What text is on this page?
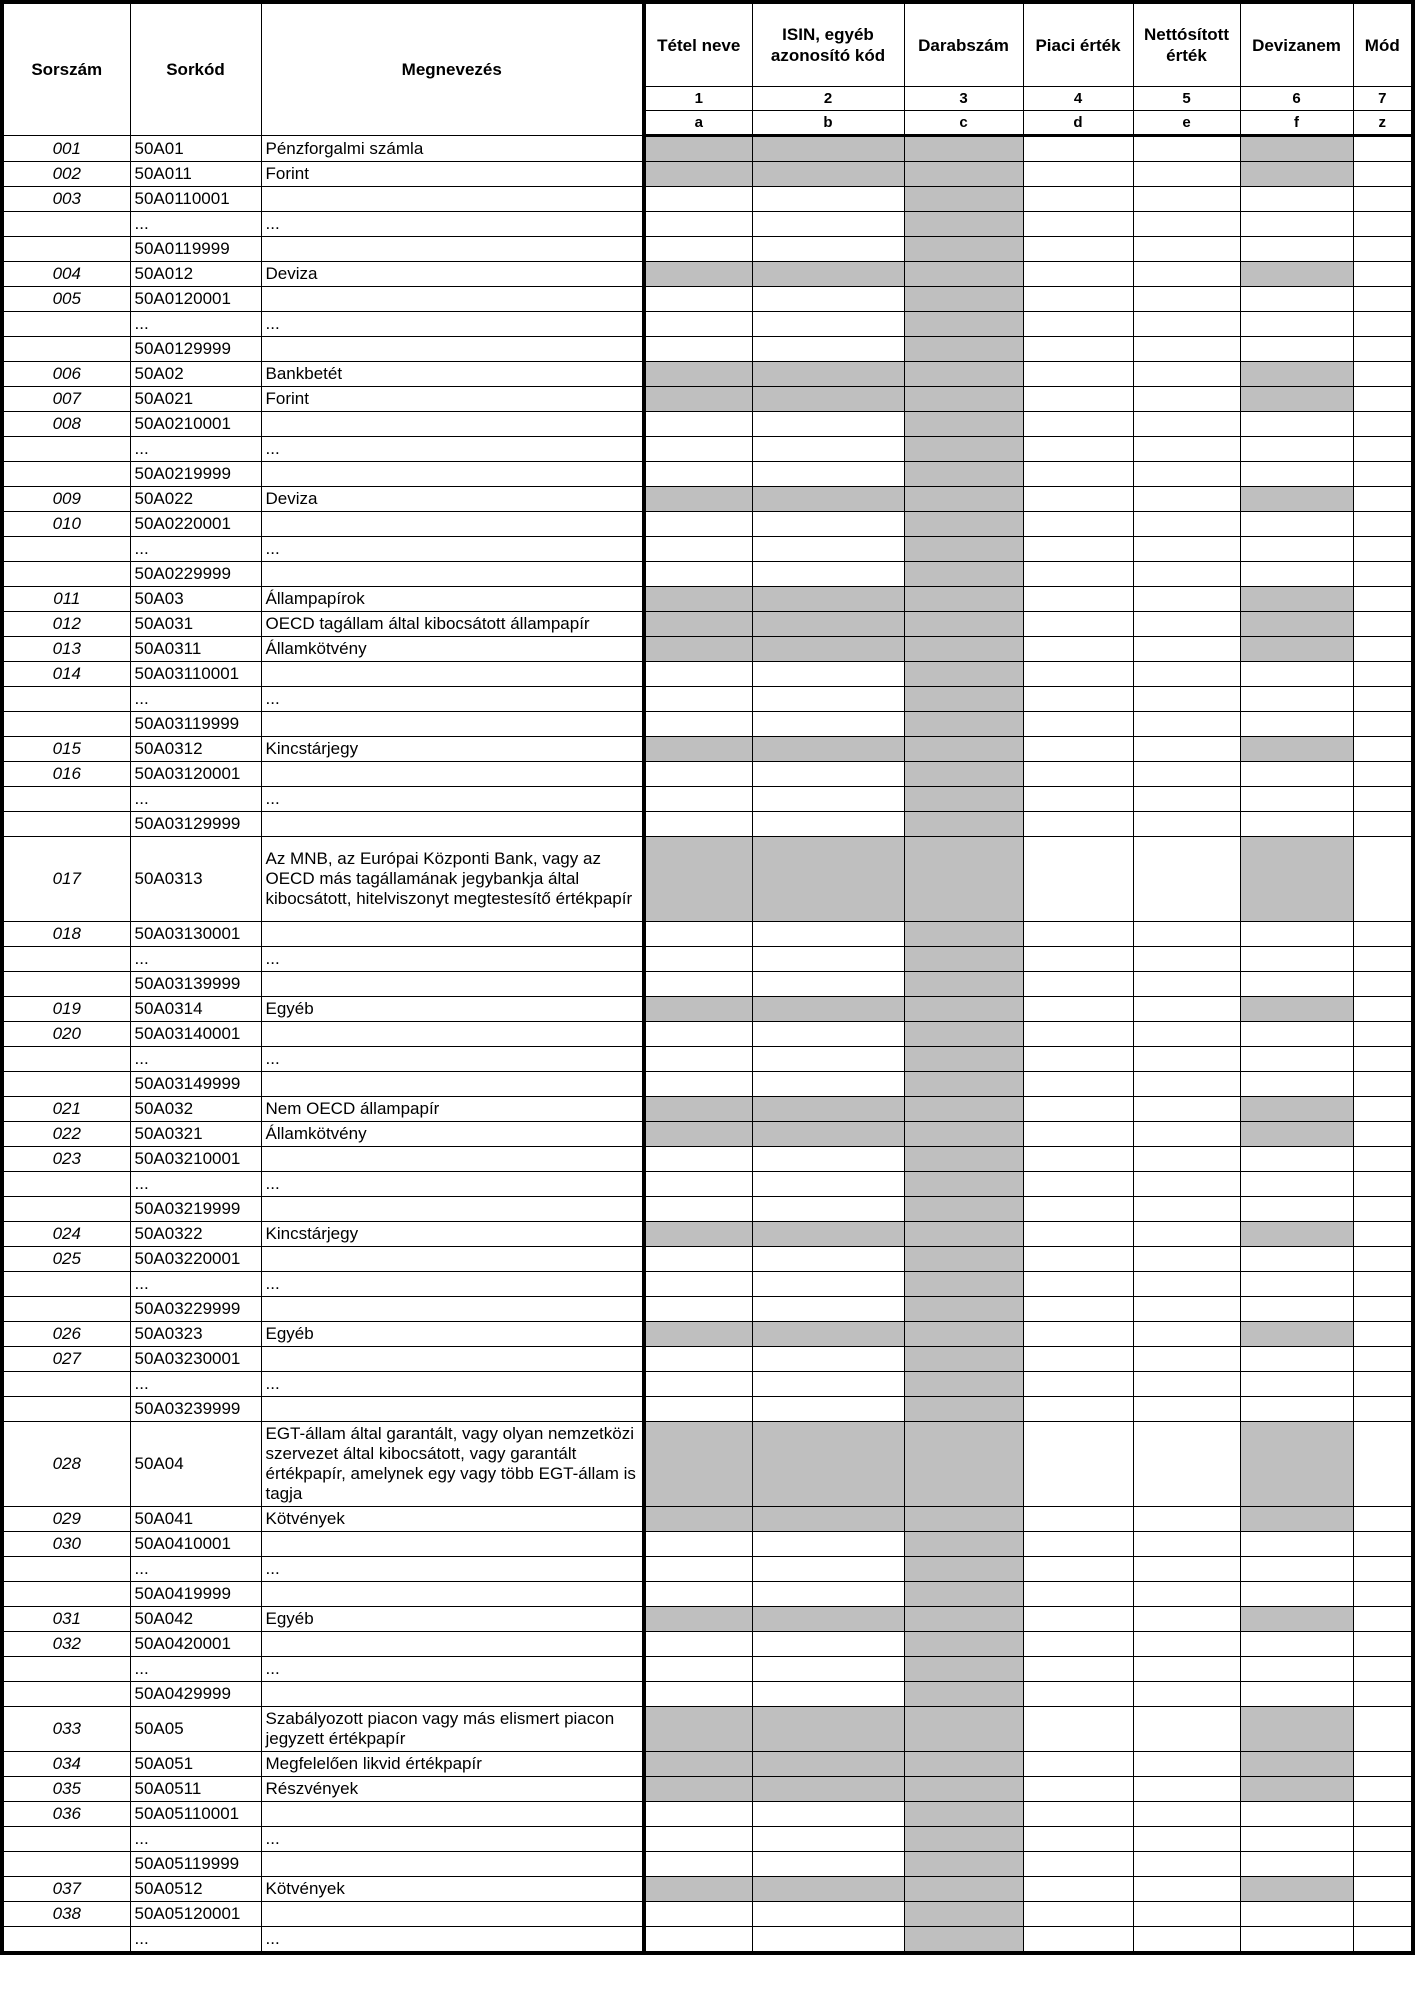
Sorszám	Sorkód	Megnevezés	Tétel neve	ISIN, egyéb azonosító kód	Darabszám	Piaci érték	Nettósított érték	Devizanem	Mód
			1	2	3	4	5	6	7
			a	b	c	d	e	f	z
001	50A01	Pénzforgalmi számla							
002	50A011	Forint							
003	50A0110001								
	...	...							
	50A0119999								
004	50A012	Deviza							
005	50A0120001								
	...	...							
	50A0129999								
006	50A02	Bankbetét							
007	50A021	Forint							
008	50A0210001								
	...	...							
	50A0219999								
009	50A022	Deviza							
010	50A0220001								
	...	...							
	50A0229999								
011	50A03	Állampapírok							
012	50A031	OECD tagállam által kibocsátott állampapír							
013	50A0311	Államkötvény							
014	50A03110001								
	...	...							
	50A03119999								
015	50A0312	Kincstárjegy							
016	50A03120001								
	...	...							
	50A03129999								
017	50A0313	Az MNB, az Európai Központi Bank, vagy az OECD más tagállamának jegybankja által kibocsátott, hitelviszonyt megtestesítő értékpapír							
018	50A03130001								
	...	...							
	50A03139999								
019	50A0314	Egyéb							
020	50A03140001								
	...	...							
	50A03149999								
021	50A032	Nem OECD állampapír							
022	50A0321	Államkötvény							
023	50A03210001								
	...	...							
	50A03219999								
024	50A0322	Kincstárjegy							
025	50A03220001								
	...	...							
	50A03229999								
026	50A0323	Egyéb							
027	50A03230001								
	...	...							
	50A03239999								
028	50A04	EGT-állam által garantált, vagy olyan nemzetközi szervezet által kibocsátott, vagy garantált értékpapír, amelynek egy vagy több EGT-állam is tagja							
029	50A041	Kötvények							
030	50A0410001								
	...	...							
	50A0419999								
031	50A042	Egyéb							
032	50A0420001								
	...	...							
	50A0429999								
033	50A05	Szabályozott piacon vagy más elismert piacon jegyzett értékpapír							
034	50A051	Megfelelően likvid értékpapír							
035	50A0511	Részvények							
036	50A05110001								
	...	...							
	50A05119999								
037	50A0512	Kötvények							
038	50A05120001								
	...	...							
